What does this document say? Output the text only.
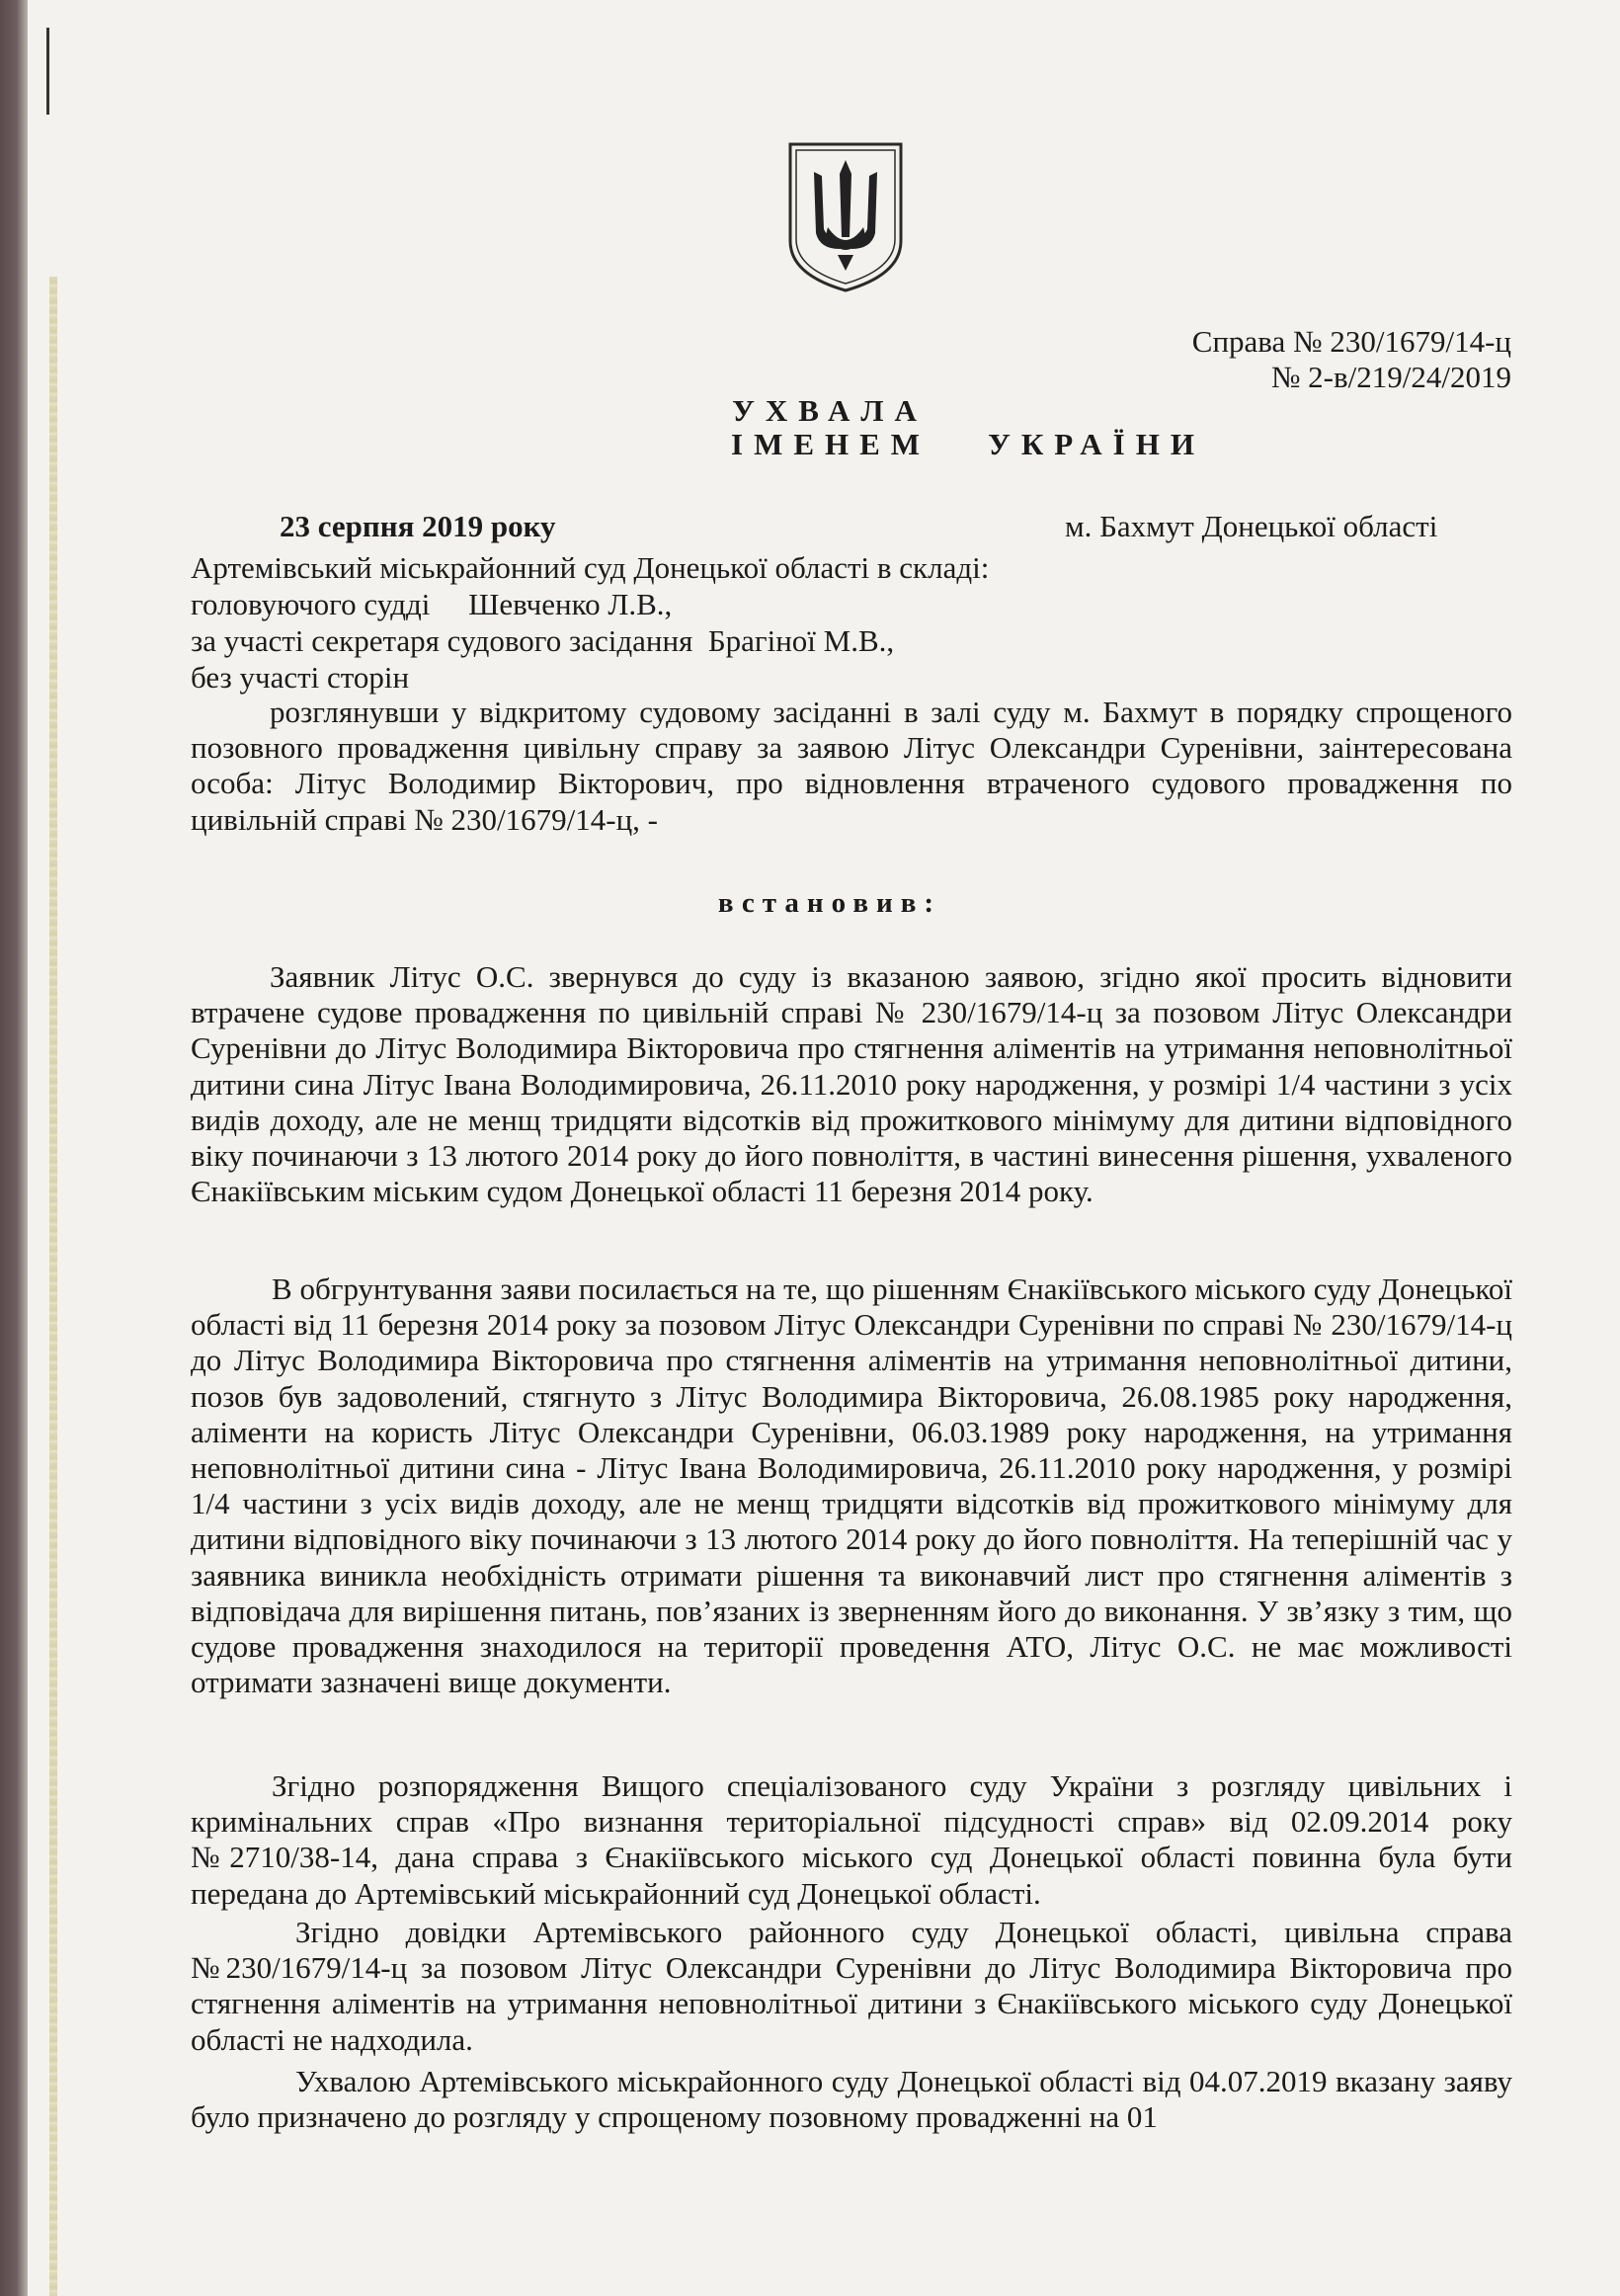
Справа № 230/1679/14-ц
№ 2-в/219/24/2019
УХВАЛА
ІМЕНЕМ УКРАЇНИ
23 серпня 2019 року	м. Бахмут Донецької області
Артемівський міськрайонний суд Донецької області в складі:
головуючого судді     Шевченко Л.В.,
за участі секретаря судового засідання  Брагіної М.В.,
без участі сторін

розглянувши у відкритому судовому засіданні в залі суду м. Бахмут в порядку спрощеного позовного провадження цивільну справу за заявою Літус Олександри Суренівни, заінтересована особа: Літус Володимир Вікторович, про відновлення втраченого судового провадження по цивільній справі № 230/1679/14-ц, -

встановив:

Заявник Літус О.С. звернувся до суду із вказаною заявою, згідно якої просить відновити втрачене судове провадження по цивільній справі № 230/1679/14-ц за позовом Літус Олександри Суренівни до Літус Володимира Вікторовича про стягнення аліментів на утримання неповнолітньої дитини сина Літус Івана Володимировича, 26.11.2010 року народження, у розмірі 1/4 частини з усіх видів доходу, але не менщ тридцяти відсотків від прожиткового мінімуму для дитини відповідного віку починаючи з 13 лютого 2014 року до його повноліття, в частині винесення рішення, ухваленого Єнакіївським міським судом Донецької області 11 березня 2014 року.

В обгрунтування заяви посилається на те, що рішенням Єнакіївського міського суду Донецької області від 11 березня 2014 року за позовом Літус Олександри Суренівни по справі № 230/1679/14-ц до Літус Володимира Вікторовича про стягнення аліментів на утримання неповнолітньої дитини, позов був задоволений, стягнуто з Літус Володимира Вікторовича, 26.08.1985 року народження, аліменти на користь Літус Олександри Суренівни, 06.03.1989 року народження, на утримання неповнолітньої дитини сина - Літус Івана Володимировича, 26.11.2010 року народження, у розмірі 1/4 частини з усіх видів доходу, але не менщ тридцяти відсотків від прожиткового мінімуму для дитини відповідного віку починаючи з 13 лютого 2014 року до його повноліття. На теперішній час у заявника виникла необхідність отримати рішення та виконавчий лист про стягнення аліментів з відповідача для вирішення питань, пов’язаних із зверненням його до виконання. У зв’язку з тим, що судове провадження знаходилося на території проведення АТО, Літус О.С. не має можливості отримати зазначені вище документи.

Згідно розпорядження Вищого спеціалізованого суду України з розгляду цивільних і кримінальних справ «Про визнання територіальної підсудності справ» від 02.09.2014 року №2710/38-14, дана справа з Єнакіївського міського суд Донецької області повинна була бути передана до Артемівський міськрайонний суд Донецької області.

Згідно довідки Артемівського районного суду Донецької області, цивільна справа №230/1679/14-ц за позовом Літус Олександри Суренівни до Літус Володимира Вікторовича про стягнення аліментів на утримання неповнолітньої дитини з Єнакіївського міського суду Донецької області не надходила.

Ухвалою Артемівського міськрайонного суду Донецької області від 04.07.2019 вказану заяву було призначено до розгляду у спрощеному позовному провадженні на 01
